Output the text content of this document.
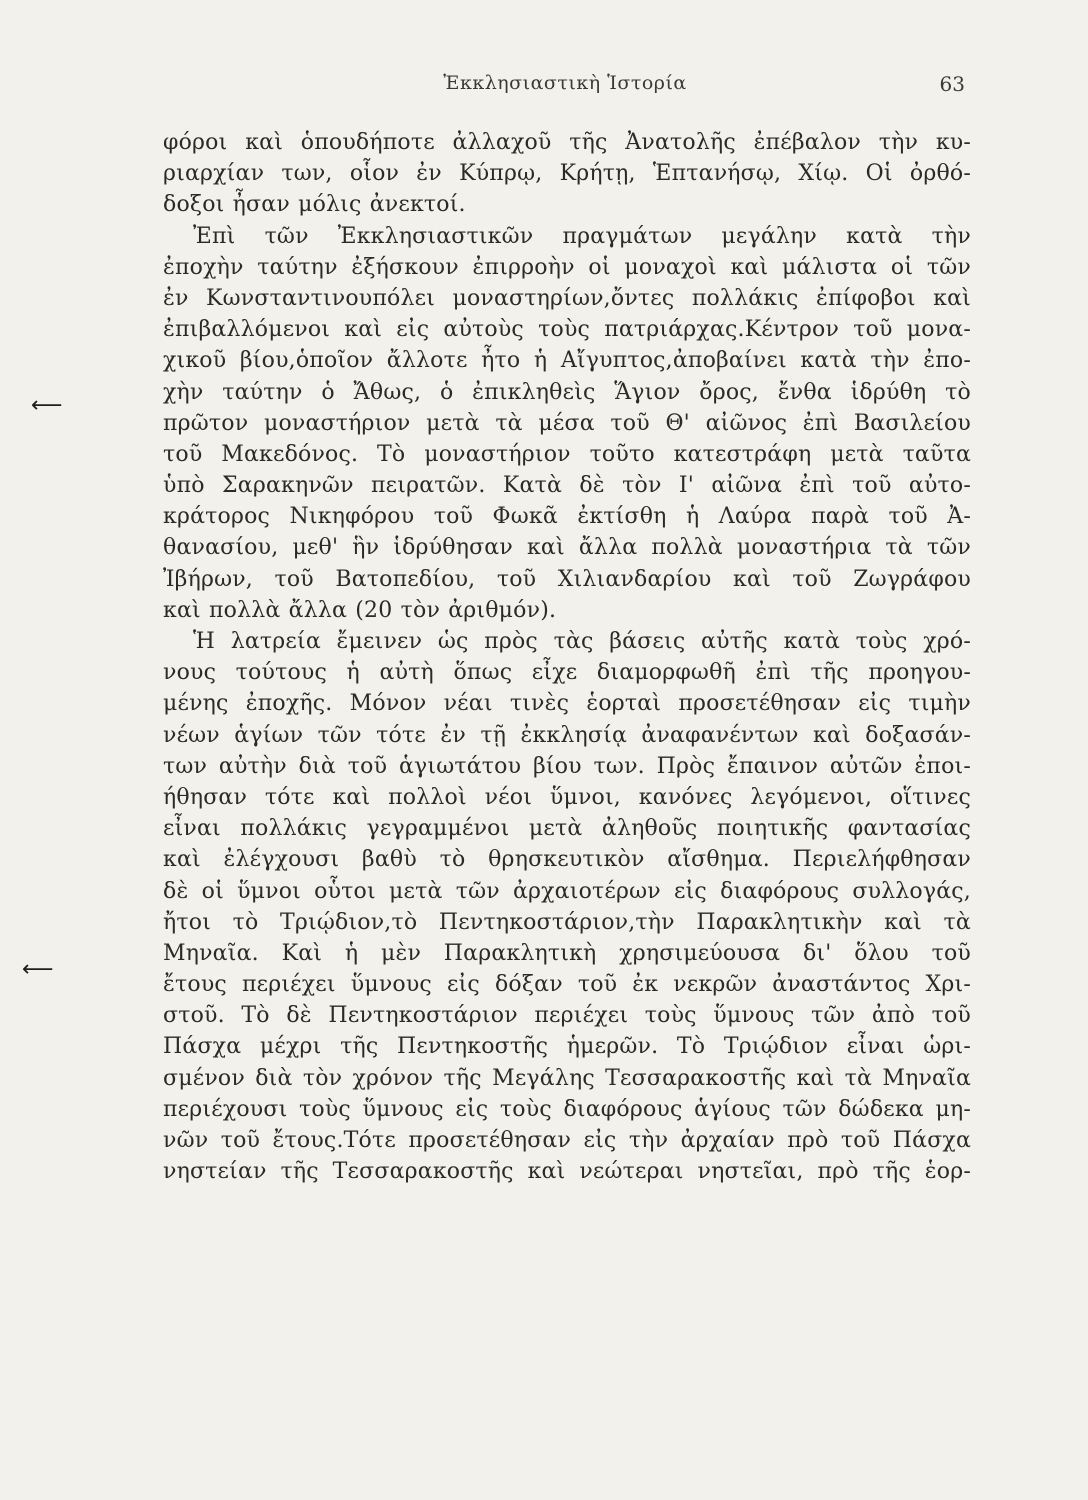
Ἐκκλησιαστικὴ Ἱστορία	63
⟵
⟵
φόροι καὶ ὁπουδήποτε ἀλλαχοῦ τῆς Ἀνατολῆς ἐπέβαλον τὴν κυ-
ριαρχίαν των, οἷον ἐν Κύπρῳ, Κρήτῃ, Ἑπτανήσῳ, Χίῳ. Οἱ ὀρθό-
δοξοι ἦσαν μόλις ἀνεκτοί.
Ἐπὶ τῶν Ἐκκλησιαστικῶν πραγμάτων μεγάλην κατὰ τὴν
ἐποχὴν ταύτην ἐξήσκουν ἐπιρροὴν οἱ μοναχοὶ καὶ μάλιστα οἱ τῶν
ἐν Κωνσταντινουπόλει μοναστηρίων,ὄντες πολλάκις ἐπίφοβοι καὶ
ἐπιβαλλόμενοι καὶ εἰς αὐτοὺς τοὺς πατριάρχας.Κέντρον τοῦ μονα-
χικοῦ βίου,ὁποῖον ἄλλοτε ἦτο ἡ Αἴγυπτος,ἀποβαίνει κατὰ τὴν ἐπο-
χὴν ταύτην ὁ Ἄθως, ὁ ἐπικληθεὶς Ἅγιον ὄρος, ἔνθα ἱδρύθη τὸ
πρῶτον μοναστήριον μετὰ τὰ μέσα τοῦ Θ' αἰῶνος ἐπὶ Βασιλείου
τοῦ Μακεδόνος. Τὸ μοναστήριον τοῦτο κατεστράφη μετὰ ταῦτα
ὑπὸ Σαρακηνῶν πειρατῶν. Κατὰ δὲ τὸν Ι' αἰῶνα ἐπὶ τοῦ αὐτο-
κράτορος Νικηφόρου τοῦ Φωκᾶ ἐκτίσθη ἡ Λαύρα παρὰ τοῦ Ἀ-
θανασίου, μεθ' ἣν ἱδρύθησαν καὶ ἄλλα πολλὰ μοναστήρια τὰ τῶν
Ἰβήρων, τοῦ Βατοπεδίου, τοῦ Χιλιανδαρίου καὶ τοῦ Ζωγράφου
καὶ πολλὰ ἄλλα (20 τὸν ἀριθμόν).
Ἡ λατρεία ἔμεινεν ὡς πρὸς τὰς βάσεις αὐτῆς κατὰ τοὺς χρό-
νους τούτους ἡ αὐτὴ ὅπως εἶχε διαμορφωθῆ ἐπὶ τῆς προηγου-
μένης ἐποχῆς. Μόνον νέαι τινὲς ἑορταὶ προσετέθησαν εἰς τιμὴν
νέων ἁγίων τῶν τότε ἐν τῇ ἐκκλησίᾳ ἀναφανέντων καὶ δοξασάν-
των αὐτὴν διὰ τοῦ ἁγιωτάτου βίου των. Πρὸς ἔπαινον αὐτῶν ἐποι-
ήθησαν τότε καὶ πολλοὶ νέοι ὕμνοι, κανόνες λεγόμενοι, οἵτινες
εἶναι πολλάκις γεγραμμένοι μετὰ ἀληθοῦς ποιητικῆς φαντασίας
καὶ ἐλέγχουσι βαθὺ τὸ θρησκευτικὸν αἴσθημα. Περιελήφθησαν
δὲ οἱ ὕμνοι οὗτοι μετὰ τῶν ἀρχαιοτέρων εἰς διαφόρους συλλογάς,
ἤτοι τὸ Τριῴδιον,τὸ Πεντηκοστάριον,τὴν Παρακλητικὴν καὶ τὰ
Μηναῖα. Καὶ ἡ μὲν Παρακλητικὴ χρησιμεύουσα δι' ὅλου τοῦ
ἔτους περιέχει ὕμνους εἰς δόξαν τοῦ ἐκ νεκρῶν ἀναστάντος Χρι-
στοῦ. Τὸ δὲ Πεντηκοστάριον περιέχει τοὺς ὕμνους τῶν ἀπὸ τοῦ
Πάσχα μέχρι τῆς Πεντηκοστῆς ἡμερῶν. Τὸ Τριῴδιον εἶναι ὡρι-
σμένον διὰ τὸν χρόνον τῆς Μεγάλης Τεσσαρακοστῆς καὶ τὰ Μηναῖα
περιέχουσι τοὺς ὕμνους εἰς τοὺς διαφόρους ἁγίους τῶν δώδεκα μη-
νῶν τοῦ ἔτους.Τότε προσετέθησαν εἰς τὴν ἀρχαίαν πρὸ τοῦ Πάσχα
νηστείαν τῆς Τεσσαρακοστῆς καὶ νεώτεραι νηστεῖαι, πρὸ τῆς ἑορ-
